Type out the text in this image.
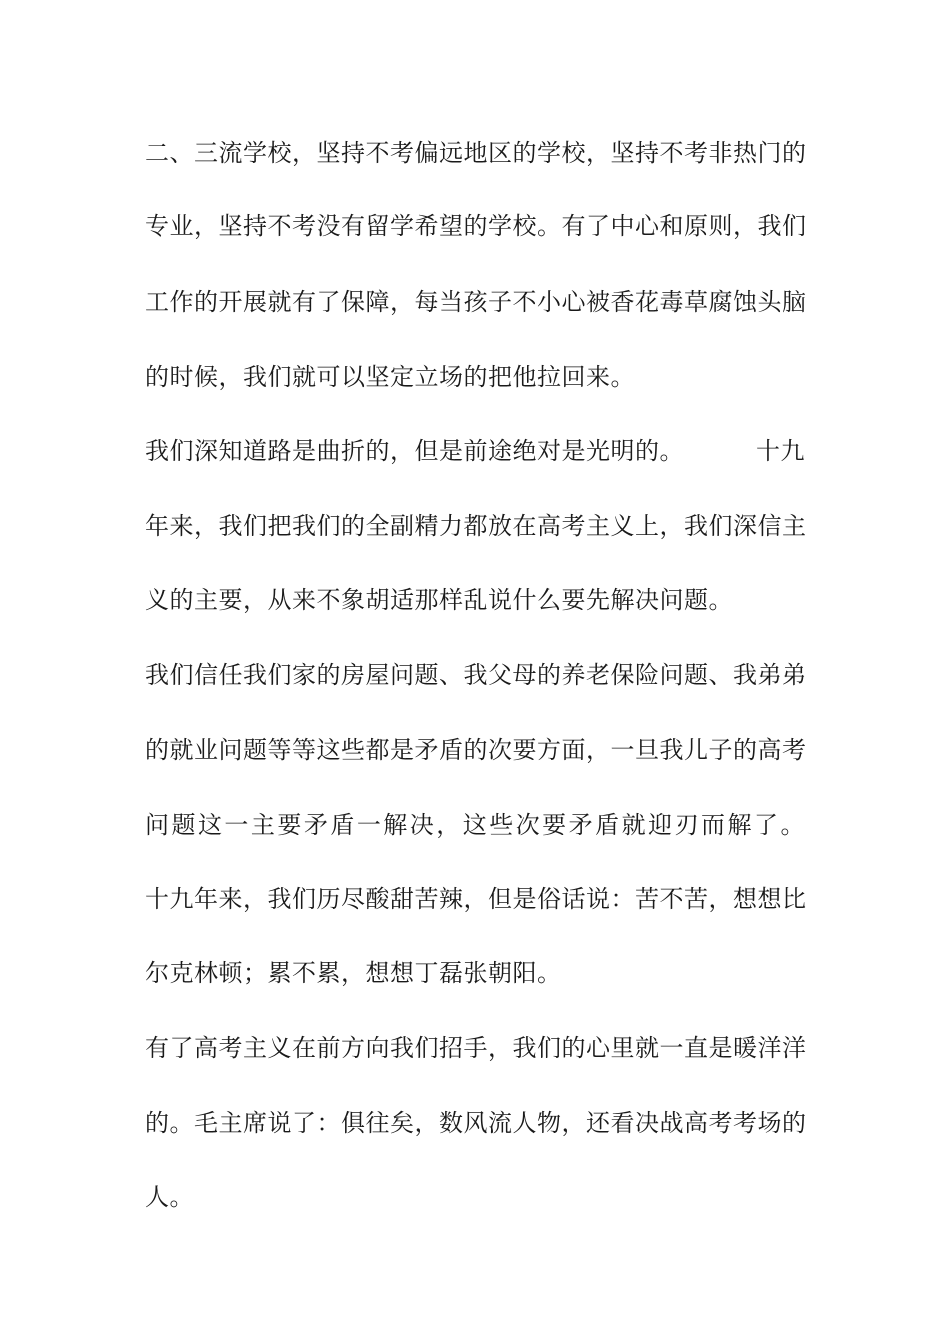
二、三流学校，坚持不考偏远地区的学校，坚持不考非热门的
专业，坚持不考没有留学希望的学校。有了中心和原则，我们
工作的开展就有了保障，每当孩子不小心被香花毒草腐蚀头脑
的时候，我们就可以坚定立场的把他拉回来。
我们深知道路是曲折的，但是前途绝对是光明的。	十九
年来，我们把我们的全副精力都放在高考主义上，我们深信主
义的主要，从来不象胡适那样乱说什么要先解决问题。
我们信任我们家的房屋问题、我父母的养老保险问题、我弟弟
的就业问题等等这些都是矛盾的次要方面，一旦我儿子的高考
问题这一主要矛盾一解决，这些次要矛盾就迎刃而解了。
十九年来，我们历尽酸甜苦辣，但是俗话说：苦不苦，想想比
尔克林顿；累不累，想想丁磊张朝阳。
有了高考主义在前方向我们招手，我们的心里就一直是暖洋洋
的。毛主席说了：俱往矣，数风流人物，还看决战高考考场的
人。
